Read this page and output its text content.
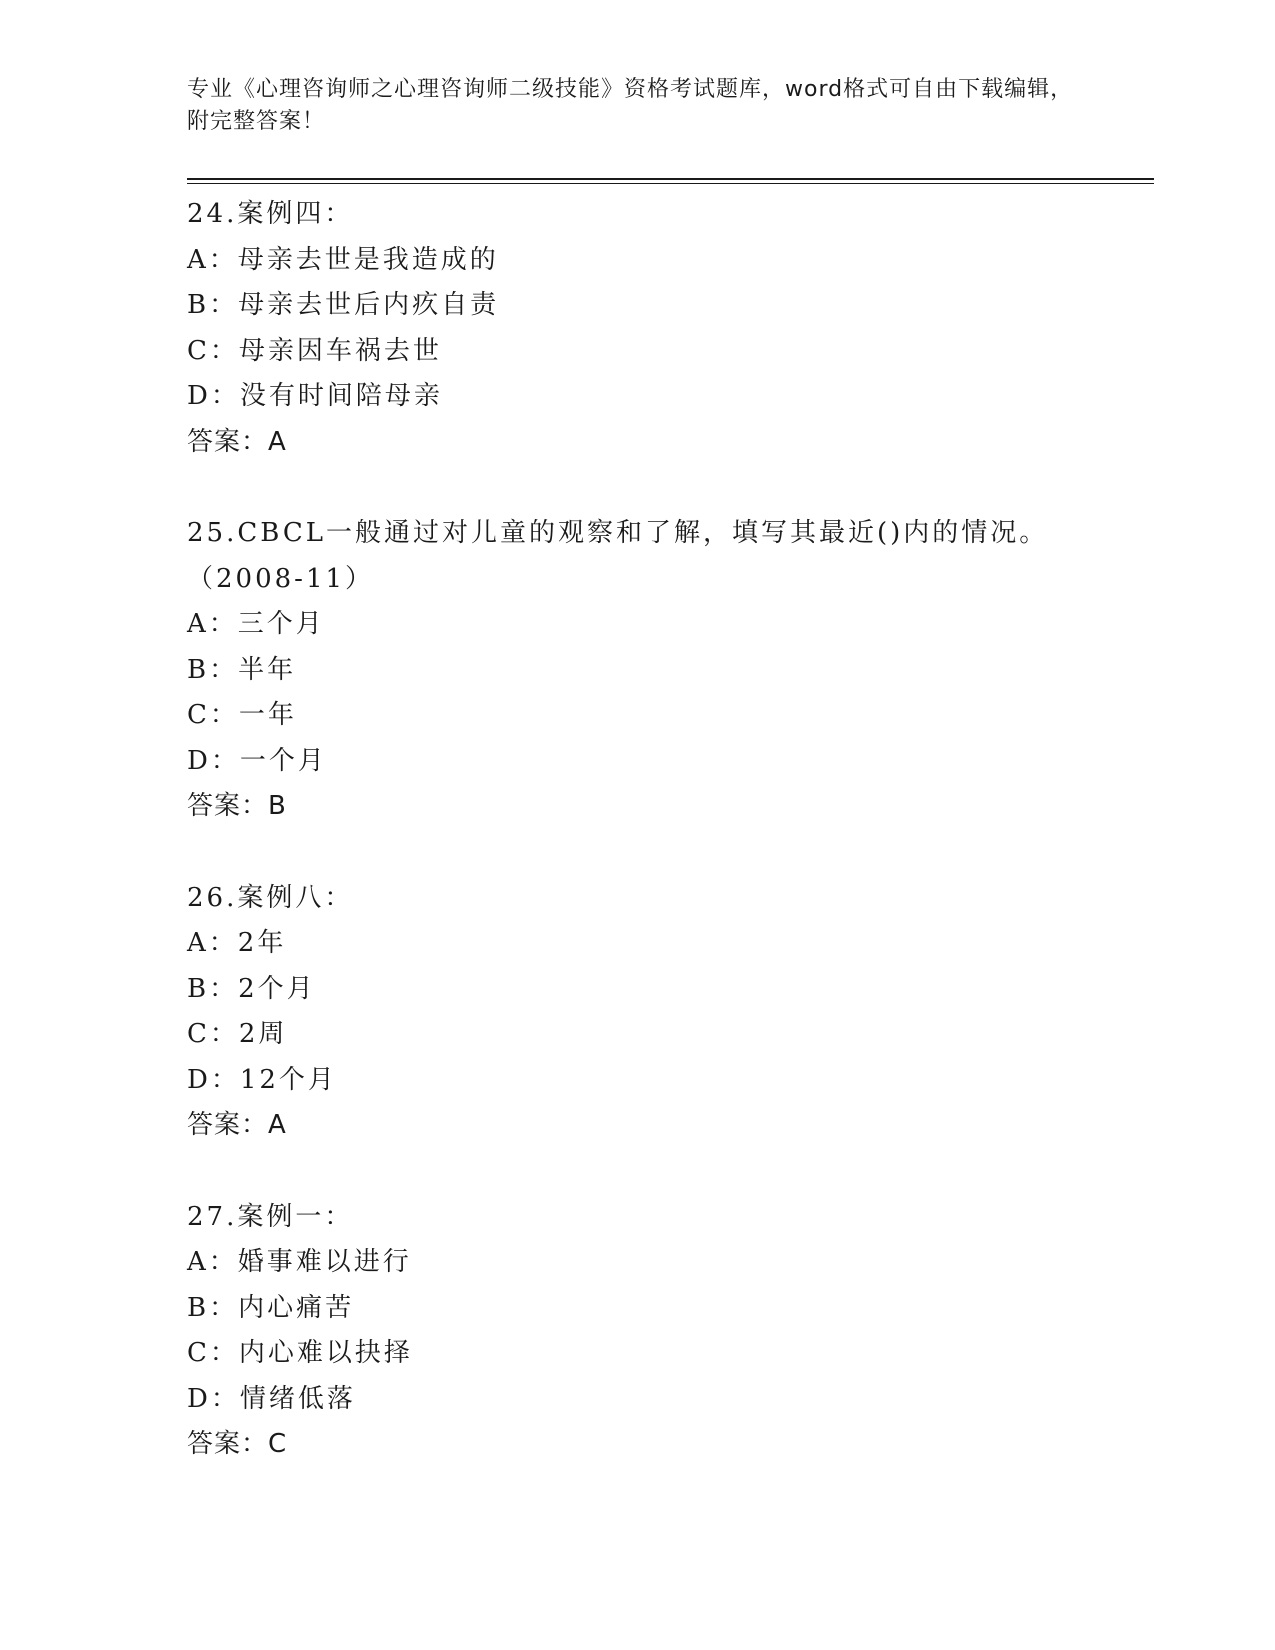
专业《心理咨询师之心理咨询师二级技能》资格考试题库，word格式可自由下载编辑，附完整答案！

24.案例四：

A：母亲去世是我造成的

B：母亲去世后内疚自责

C：母亲因车祸去世

D：没有时间陪母亲

答案：A

25.CBCL一般通过对儿童的观察和了解，填写其最近()内的情况。（2008-11）

A：三个月

B：半年

C：一年

D：一个月

答案：B

26.案例八：

A：2年

B：2个月

C：2周

D：12个月

答案：A

27.案例一：

A：婚事难以进行

B：内心痛苦

C：内心难以抉择

D：情绪低落

答案：C
